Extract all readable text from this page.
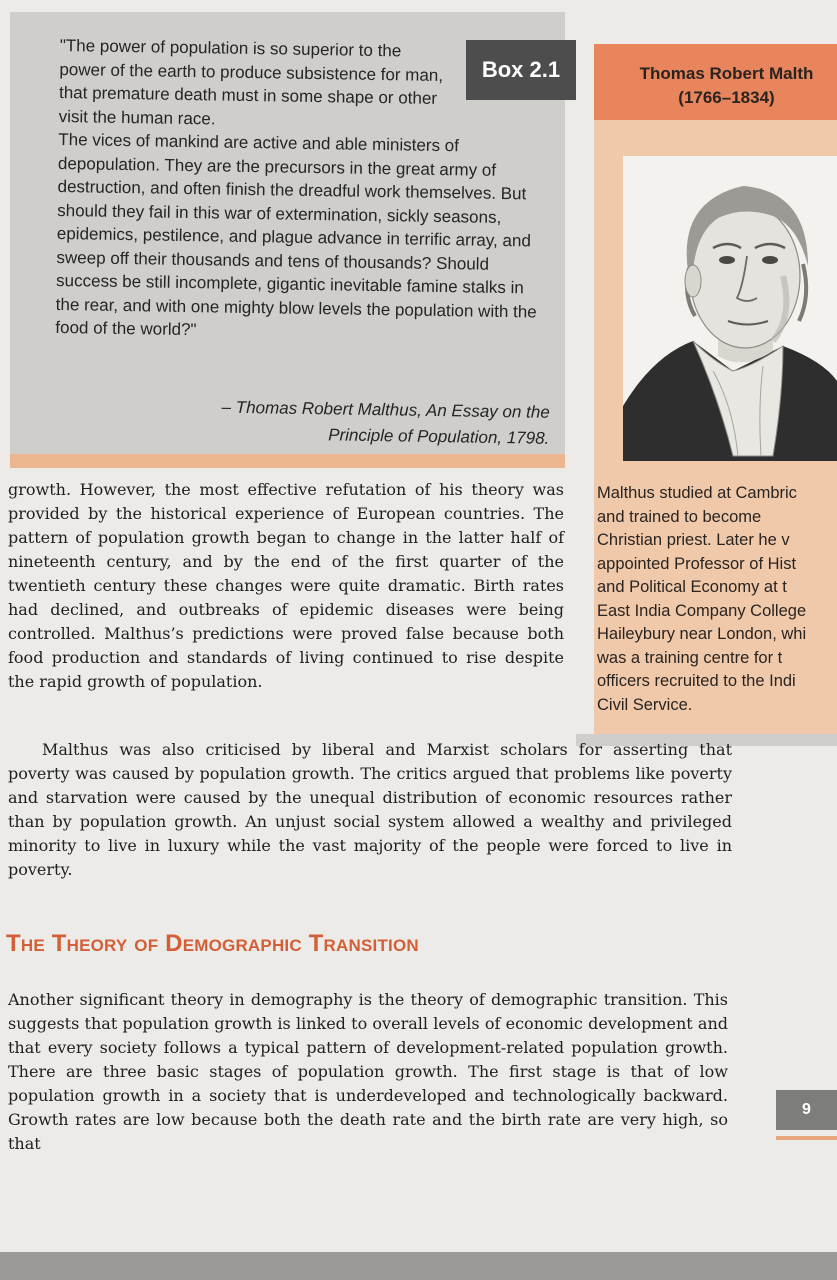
"The power of population is so superior to the power of the earth to produce subsistence for man, that premature death must in some shape or other visit the human race.
The vices of mankind are active and able ministers of depopulation. They are the precursors in the great army of destruction, and often finish the dreadful work themselves. But should they fail in this war of extermination, sickly seasons, epidemics, pestilence, and plague advance in terrific array, and sweep off their thousands and tens of thousands? Should success be still incomplete, gigantic inevitable famine stalks in the rear, and with one mighty blow levels the population with the food of the world?"

– Thomas Robert Malthus, An Essay on the
Principle of Population, 1798.
Box 2.1	Thomas Robert Malth
(1766–1834)
Malthus studied at Cambric
and trained to become
Christian priest. Later he v
appointed Professor of Hist
and Political Economy at t
East India Company College
Haileybury near London, whi
was a training centre for t
officers recruited to the Indi
Civil Service.

growth. However, the most effective refutation of his theory was provided by the historical experience of European countries. The pattern of population growth began to change in the latter half of nineteenth century, and by the end of the first quarter of the twentieth century these changes were quite dramatic. Birth rates had declined, and outbreaks of epidemic diseases were being controlled. Malthus’s predictions were proved false because both food production and standards of living continued to rise despite the rapid growth of population.

Malthus was also criticised by liberal and Marxist scholars for asserting that poverty was caused by population growth. The critics argued that problems like poverty and starvation were caused by the unequal distribution of economic resources rather than by population growth. An unjust social system allowed a wealthy and privileged minority to live in luxury while the vast majority of the people were forced to live in poverty.

The Theory of Demographic Transition

Another significant theory in demography is the theory of demographic transition. This suggests that population growth is linked to overall levels of economic development and that every society follows a typical pattern of development-related population growth. There are three basic stages of population growth. The first stage is that of low population growth in a society that is underdeveloped and technologically backward. Growth rates are low because both the death rate and the birth rate are very high, so that

9
